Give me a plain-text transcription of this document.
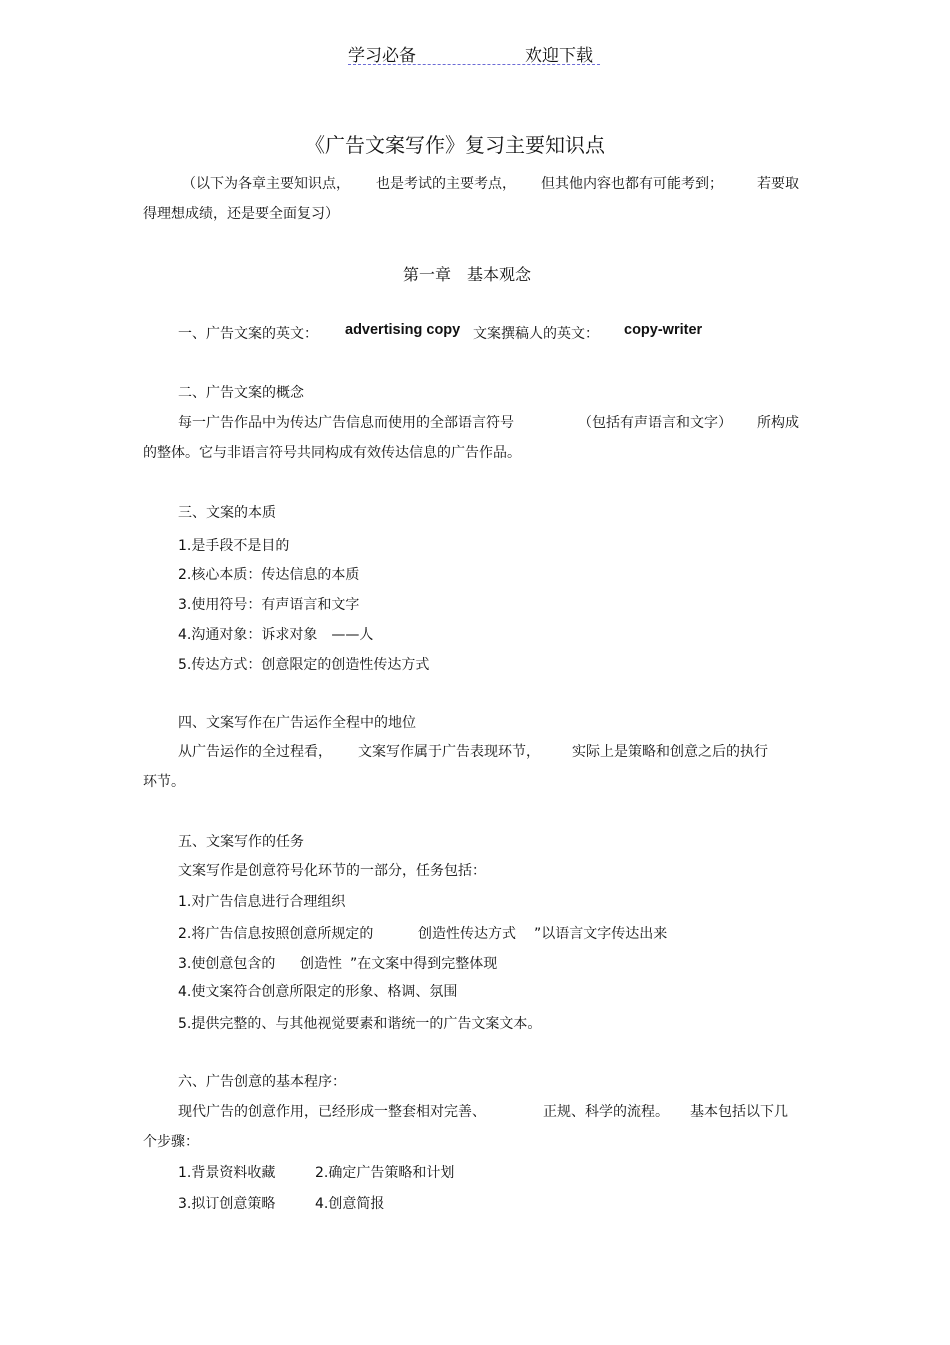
学习必备	欢迎下载
《广告文案写作》复习主要知识点
（以下为各章主要知识点， 也是考试的主要考点， 但其他内容也都有可能考到； 若要取
得理想成绩，还是要全面复习）
第一章　基本观念
一、广告文案的英文： advertising copy 文案撰稿人的英文： copy-writer
二、广告文案的概念
每一广告作品中为传达广告信息而使用的全部语言符号	（包括有声语言和文字） 所构成
的整体。它与非语言符号共同构成有效传达信息的广告作品。
三、文案的本质
1.是手段不是目的
2.核心本质：传达信息的本质
3.使用符号：有声语言和文字
4.沟通对象：诉求对象　——人
5.传达方式：创意限定的创造性传达方式
四、文案写作在广告运作全程中的地位
从广告运作的全过程看， 文案写作属于广告表现环节， 实际上是策略和创意之后的执行
环节。
五、文案写作的任务
文案写作是创意符号化环节的一部分，任务包括：
1.对广告信息进行合理组织
2.将广告信息按照创意所规定的	创造性传达方式 ”以语言文字传达出来
3.使创意包含的 创造性 ”在文案中得到完整体现
4.使文案符合创意所限定的形象、格调、氛围
5.提供完整的、与其他视觉要素和谐统一的广告文案文本。
六、广告创意的基本程序：
现代广告的创意作用，已经形成一整套相对完善、	正规、科学的流程。 基本包括以下几
个步骤：
1.背景资料收藏	2.确定广告策略和计划
3.拟订创意策略	4.创意简报
